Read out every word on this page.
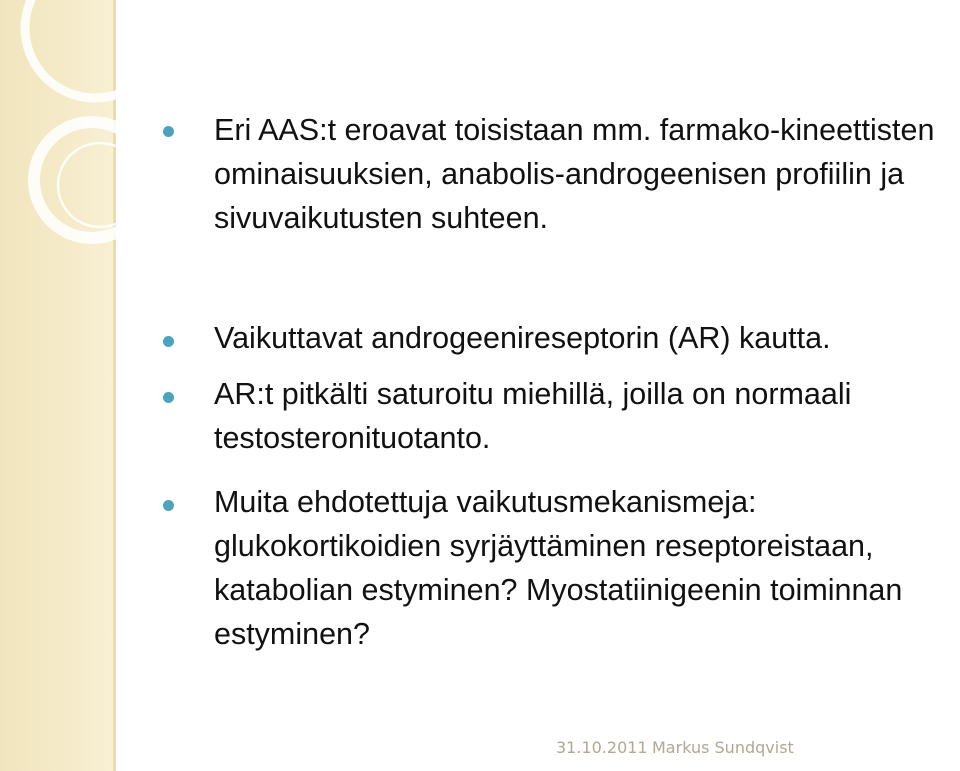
Eri AAS:t eroavat toisistaan mm. farmako-kineettisten ominaisuuksien, anabolis-androgeenisen profiilin ja sivuvaikutusten suhteen.

Vaikuttavat androgeenireseptorin (AR) kautta.

AR:t pitkälti saturoitu miehillä, joilla on normaali testosteronituotanto.

Muita ehdotettuja vaikutusmekanismeja: glukokortikoidien syrjäyttäminen reseptoreistaan, katabolian estyminen? Myostatiinigeenin toiminnan estyminen?

31.10.2011 Markus Sundqvist
